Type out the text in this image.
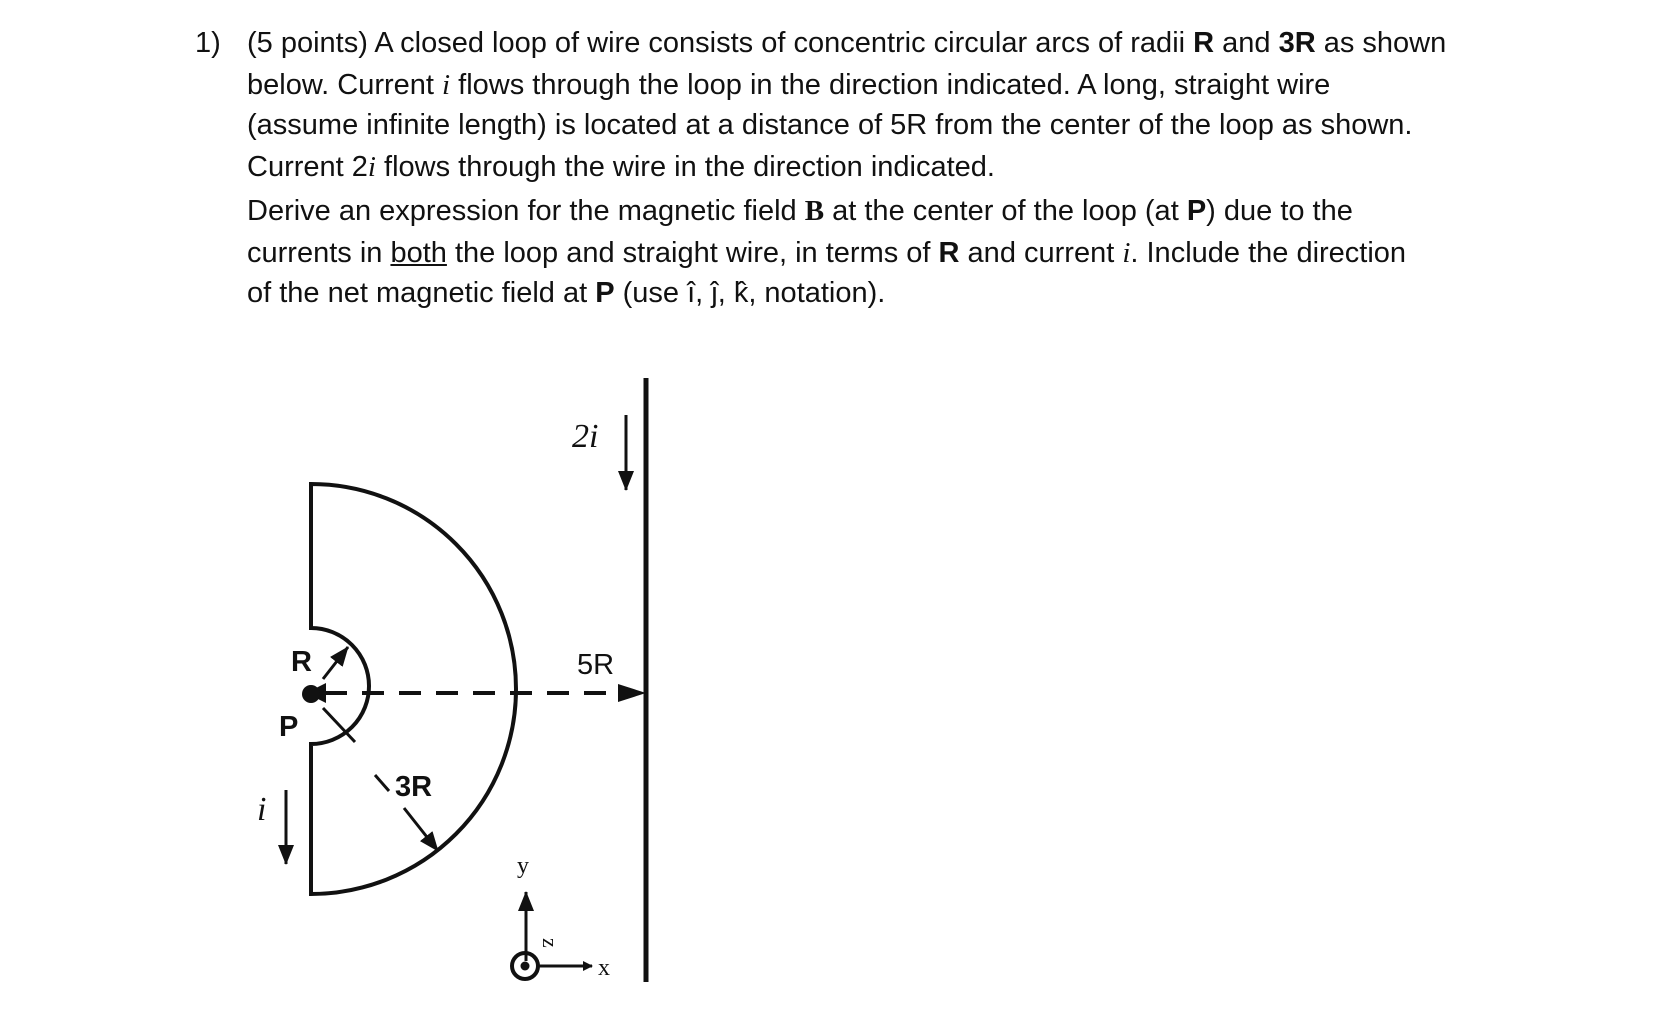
1) (5 points) A closed loop of wire consists of concentric circular arcs of radii R and 3R as shown
below. Current i flows through the loop in the direction indicated. A long, straight wire
(assume infinite length) is located at a distance of 5R from the center of the loop as shown.
Current 2i flows through the wire in the direction indicated.
Derive an expression for the magnetic field B at the center of the loop (at P) due to the
currents in both the loop and straight wire, in terms of R and current i. Include the direction
of the net magnetic field at P (use î, ĵ, k̂, notation).
2i
5R
R
P
3R
i
y
z
x
